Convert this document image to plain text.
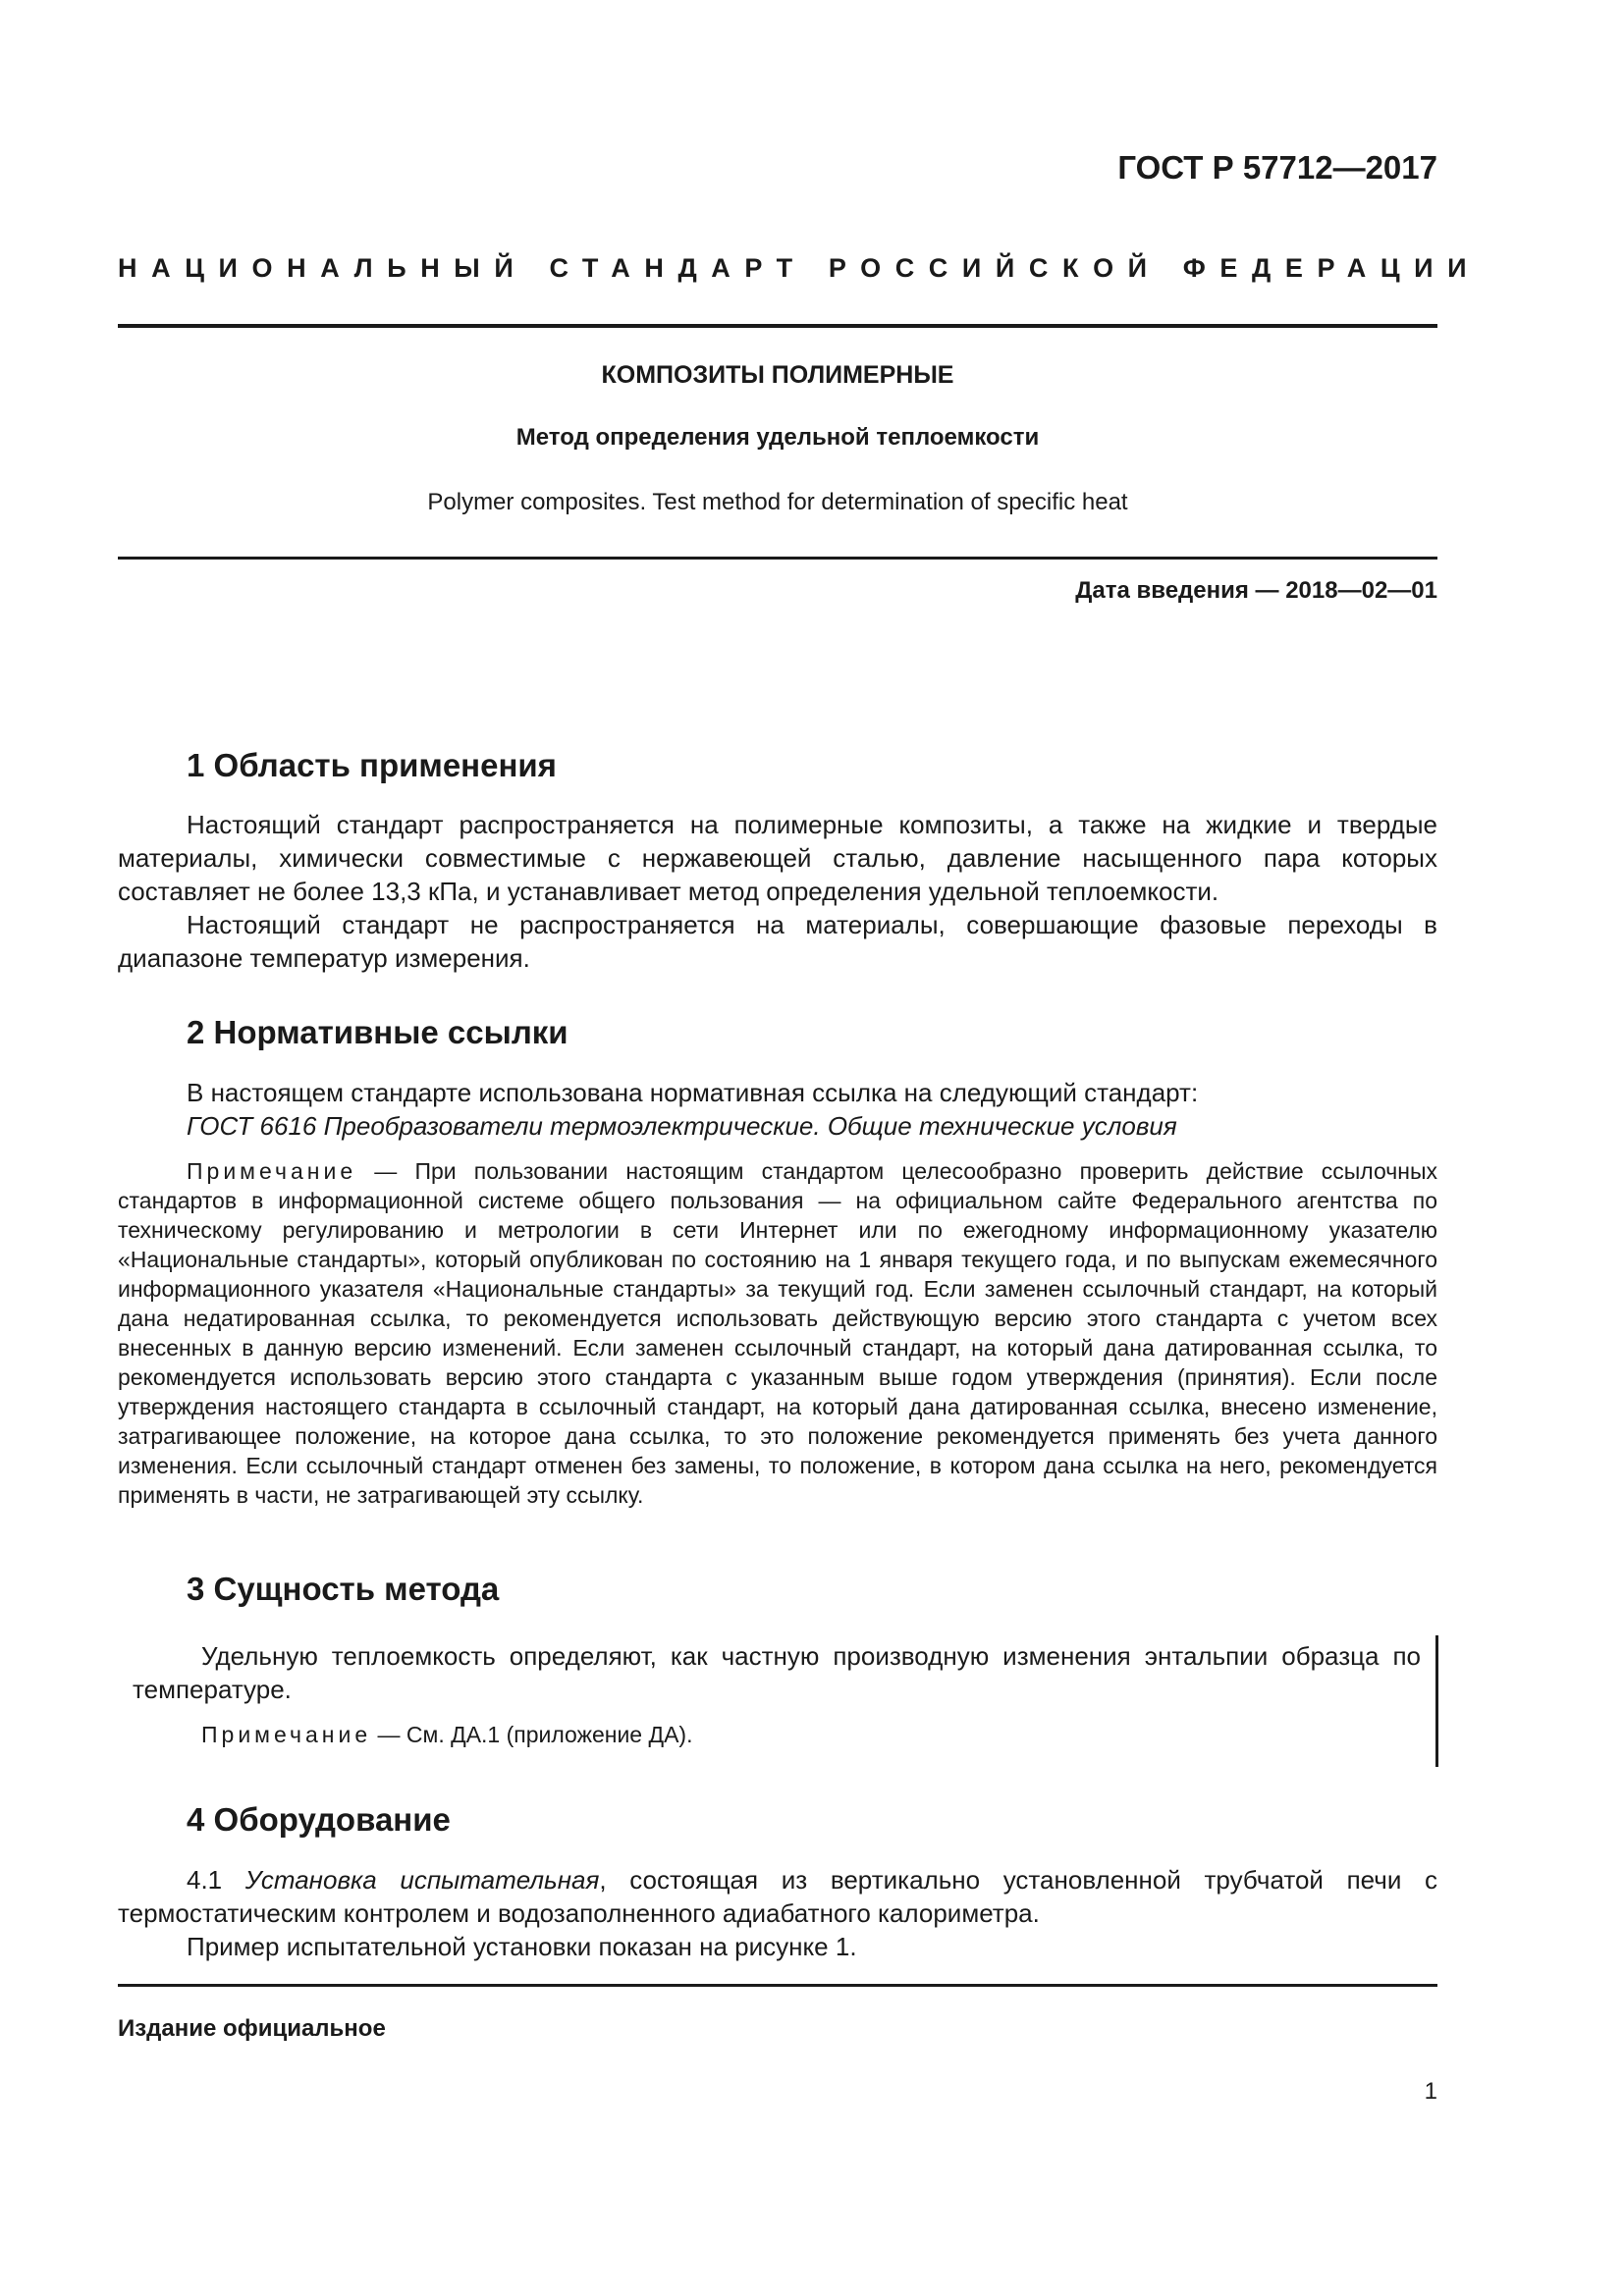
ГОСТ Р 57712—2017
НАЦИОНАЛЬНЫЙ СТАНДАРТ РОССИЙСКОЙ ФЕДЕРАЦИИ
КОМПОЗИТЫ ПОЛИМЕРНЫЕ
Метод определения удельной теплоемкости
Polymer composites. Test method for determination of specific heat
Дата введения — 2018—02—01
1 Область применения
Настоящий стандарт распространяется на полимерные композиты, а также на жидкие и твердые материалы, химически совместимые с нержавеющей сталью, давление насыщенного пара которых составляет не более 13,3 кПа, и устанавливает метод определения удельной теплоемкости.
Настоящий стандарт не распространяется на материалы, совершающие фазовые переходы в диапазоне температур измерения.
2 Нормативные ссылки
В настоящем стандарте использована нормативная ссылка на следующий стандарт:
ГОСТ 6616 Преобразователи термоэлектрические. Общие технические условия
Примечание — При пользовании настоящим стандартом целесообразно проверить действие ссылочных стандартов в информационной системе общего пользования — на официальном сайте Федерального агентства по техническому регулированию и метрологии в сети Интернет или по ежегодному информационному указателю «Национальные стандарты», который опубликован по состоянию на 1 января текущего года, и по выпускам ежемесячного информационного указателя «Национальные стандарты» за текущий год. Если заменен ссылочный стандарт, на который дана недатированная ссылка, то рекомендуется использовать действующую версию этого стандарта с учетом всех внесенных в данную версию изменений. Если заменен ссылочный стандарт, на который дана датированная ссылка, то рекомендуется использовать версию этого стандарта с указанным выше годом утверждения (принятия). Если после утверждения настоящего стандарта в ссылочный стандарт, на который дана датированная ссылка, внесено изменение, затрагивающее положение, на которое дана ссылка, то это положение рекомендуется применять без учета данного изменения. Если ссылочный стандарт отменен без замены, то положение, в котором дана ссылка на него, рекомендуется применять в части, не затрагивающей эту ссылку.
3 Сущность метода
Удельную теплоемкость определяют, как частную производную изменения энтальпии образца по температуре.
Примечание — См. ДА.1 (приложение ДА).
4 Оборудование
4.1 Установка испытательная, состоящая из вертикально установленной трубчатой печи с термостатическим контролем и водозаполненного адиабатного калориметра.
Пример испытательной установки показан на рисунке 1.
Издание официальное
1
